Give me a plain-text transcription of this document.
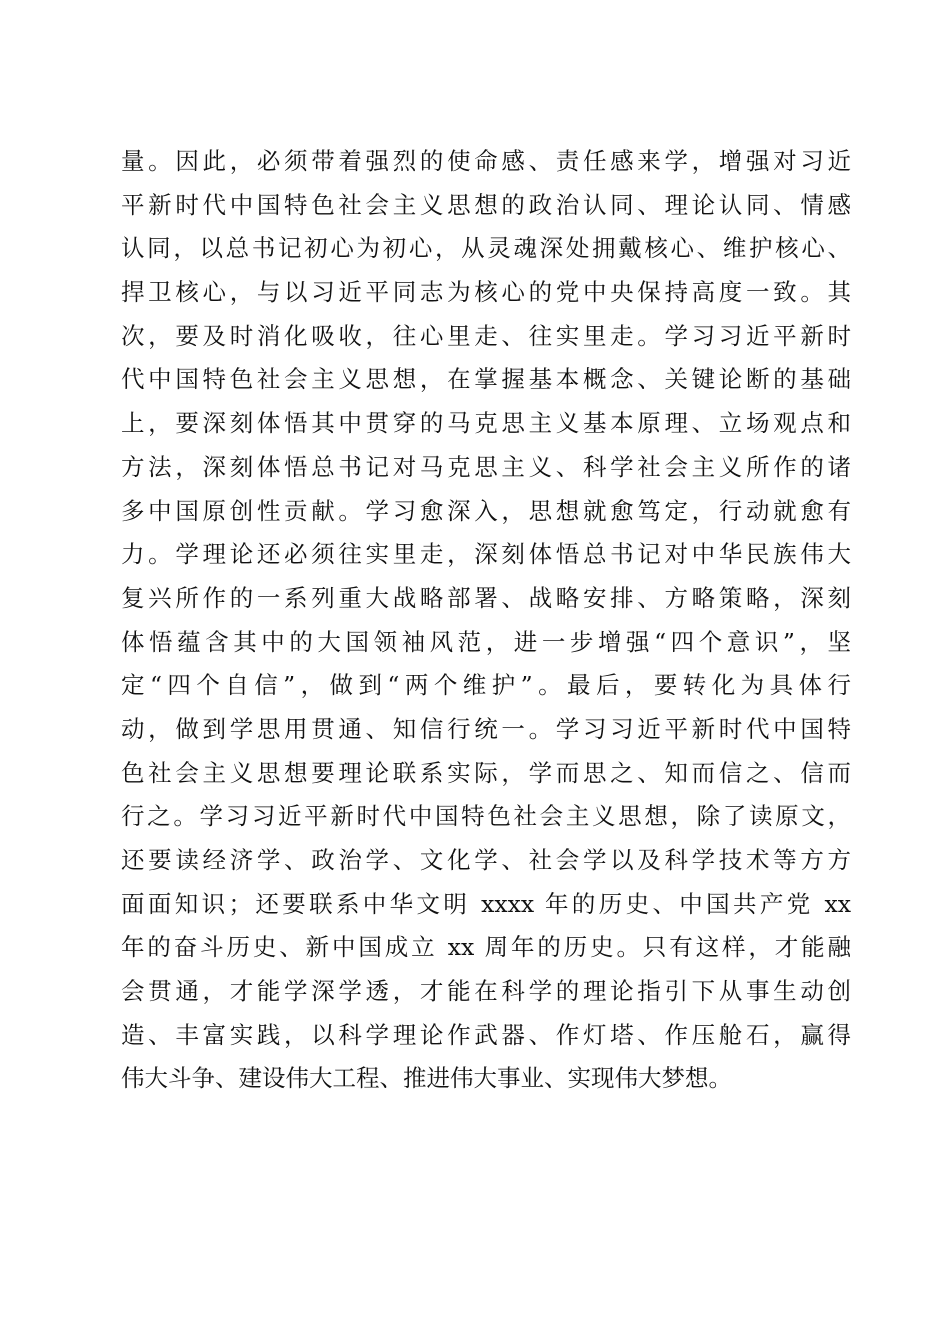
量。因此，必须带着强烈的使命感、责任感来学，增强对习近
平新时代中国特色社会主义思想的政治认同、理论认同、情感
认同，以总书记初心为初心，从灵魂深处拥戴核心、维护核心、
捍卫核心，与以习近平同志为核心的党中央保持高度一致。其
次，要及时消化吸收，往心里走、往实里走。学习习近平新时
代中国特色社会主义思想，在掌握基本概念、关键论断的基础
上，要深刻体悟其中贯穿的马克思主义基本原理、立场观点和
方法，深刻体悟总书记对马克思主义、科学社会主义所作的诸
多中国原创性贡献。学习愈深入，思想就愈笃定，行动就愈有
力。学理论还必须往实里走，深刻体悟总书记对中华民族伟大
复兴所作的一系列重大战略部署、战略安排、方略策略，深刻
体悟蕴含其中的大国领袖风范，进一步增强“四个意识”，坚
定“四个自信”，做到“两个维护”。最后，要转化为具体行
动，做到学思用贯通、知信行统一。学习习近平新时代中国特
色社会主义思想要理论联系实际，学而思之、知而信之、信而
行之。学习习近平新时代中国特色社会主义思想，除了读原文，
还要读经济学、政治学、文化学、社会学以及科学技术等方方
面面知识；还要联系中华文明 xxxx 年的历史、中国共产党 xx
年的奋斗历史、新中国成立 xx 周年的历史。只有这样，才能融
会贯通，才能学深学透，才能在科学的理论指引下从事生动创
造、丰富实践，以科学理论作武器、作灯塔、作压舱石，赢得
伟大斗争、建设伟大工程、推进伟大事业、实现伟大梦想。
